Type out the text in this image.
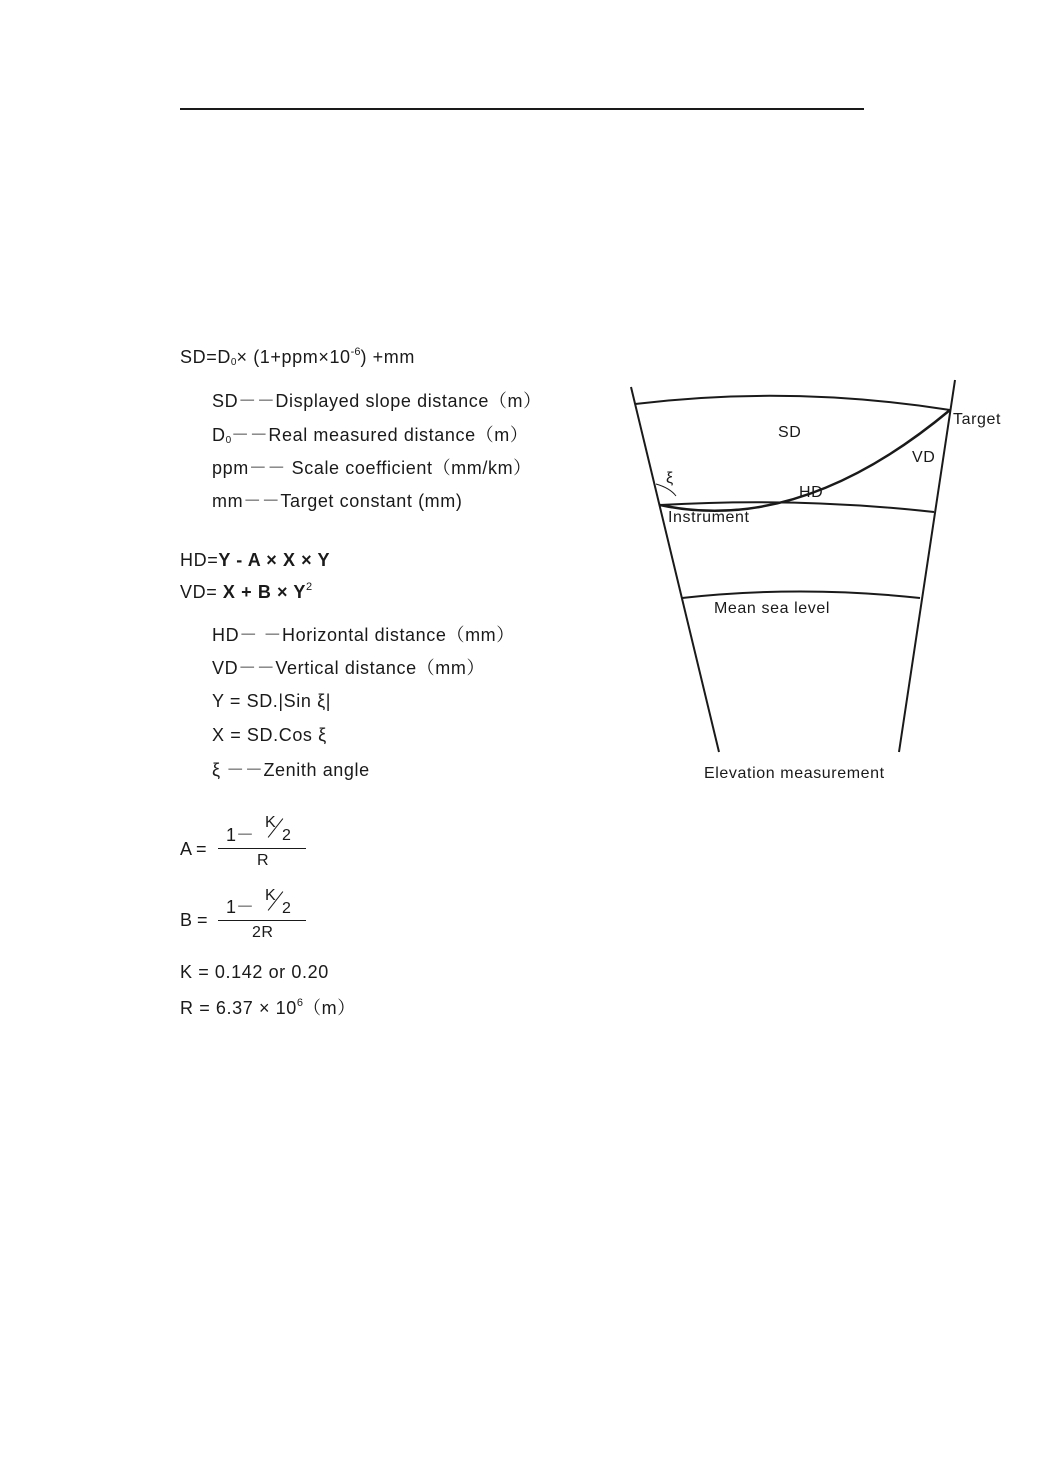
$SD=D0\times (1+ppm\times 10^{-6}) +mm$
SD－－Displayed slope distance（m）
D0－－Real measured distance（m）
ppm－－ Scale coefficient（mm/km）
mm－－Target constant (mm)
HD=Y - A × X × Y
$VD= X + B \times Y^2$
HD－ －Horizontal distance（mm）
VD－－Vertical distance（mm）
Y = SD.|Sin ξ|
X = SD.Cos ξ
ξ －－Zenith angle
A =
1－
K
2
R
B =
1－
K
2
2R
K = 0.142 or 0.20
$R = 6.37 \times 10^6(m)$
Target
SD
VD
ξ
HD
Instrument
Mean sea level
Elevation measurement
